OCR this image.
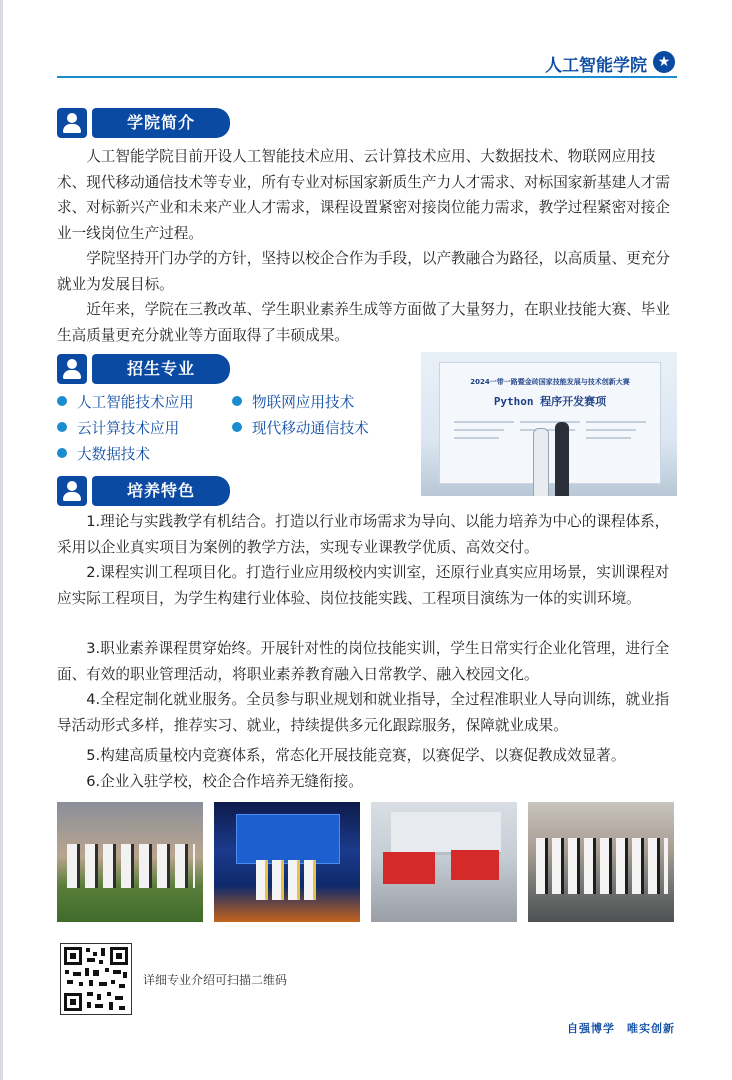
人工智能学院 ★
学院简介

人工智能学院目前开设人工智能技术应用、云计算技术应用、大数据技术、物联网应用技术、现代移动通信技术等专业，所有专业对标国家新质生产力人才需求、对标国家新基建人才需求、对标新兴产业和未来产业人才需求，课程设置紧密对接岗位能力需求，教学过程紧密对接企业一线岗位生产过程。

学院坚持开门办学的方针，坚持以校企合作为手段，以产教融合为路径，以高质量、更充分就业为发展目标。

近年来，学院在三教改革、学生职业素养生成等方面做了大量努力，在职业技能大赛、毕业生高质量更充分就业等方面取得了丰硕成果。

招生专业
人工智能技术应用	物联网应用技术
云计算技术应用	现代移动通信技术
大数据技术
2024一带一路暨金砖国家技能发展与技术创新大赛
Python 程序开发赛项
培养特色

1.理论与实践教学有机结合。打造以行业市场需求为导向、以能力培养为中心的课程体系，采用以企业真实项目为案例的教学方法，实现专业课教学优质、高效交付。

2.课程实训工程项目化。打造行业应用级校内实训室，还原行业真实应用场景，实训课程对应实际工程项目，为学生构建行业体验、岗位技能实践、工程项目演练为一体的实训环境。

3.职业素养课程贯穿始终。开展针对性的岗位技能实训，学生日常实行企业化管理，进行全面、有效的职业管理活动，将职业素养教育融入日常教学、融入校园文化。

4.全程定制化就业服务。全员参与职业规划和就业指导，全过程准职业人导向训练，就业指导活动形式多样，推荐实习、就业，持续提供多元化跟踪服务，保障就业成果。

5.构建高质量校内竞赛体系，常态化开展技能竞赛，以赛促学、以赛促教成效显著。

6.企业入驻学校，校企合作培养无缝衔接。

详细专业介绍可扫描二维码
自强博学　唯实创新
